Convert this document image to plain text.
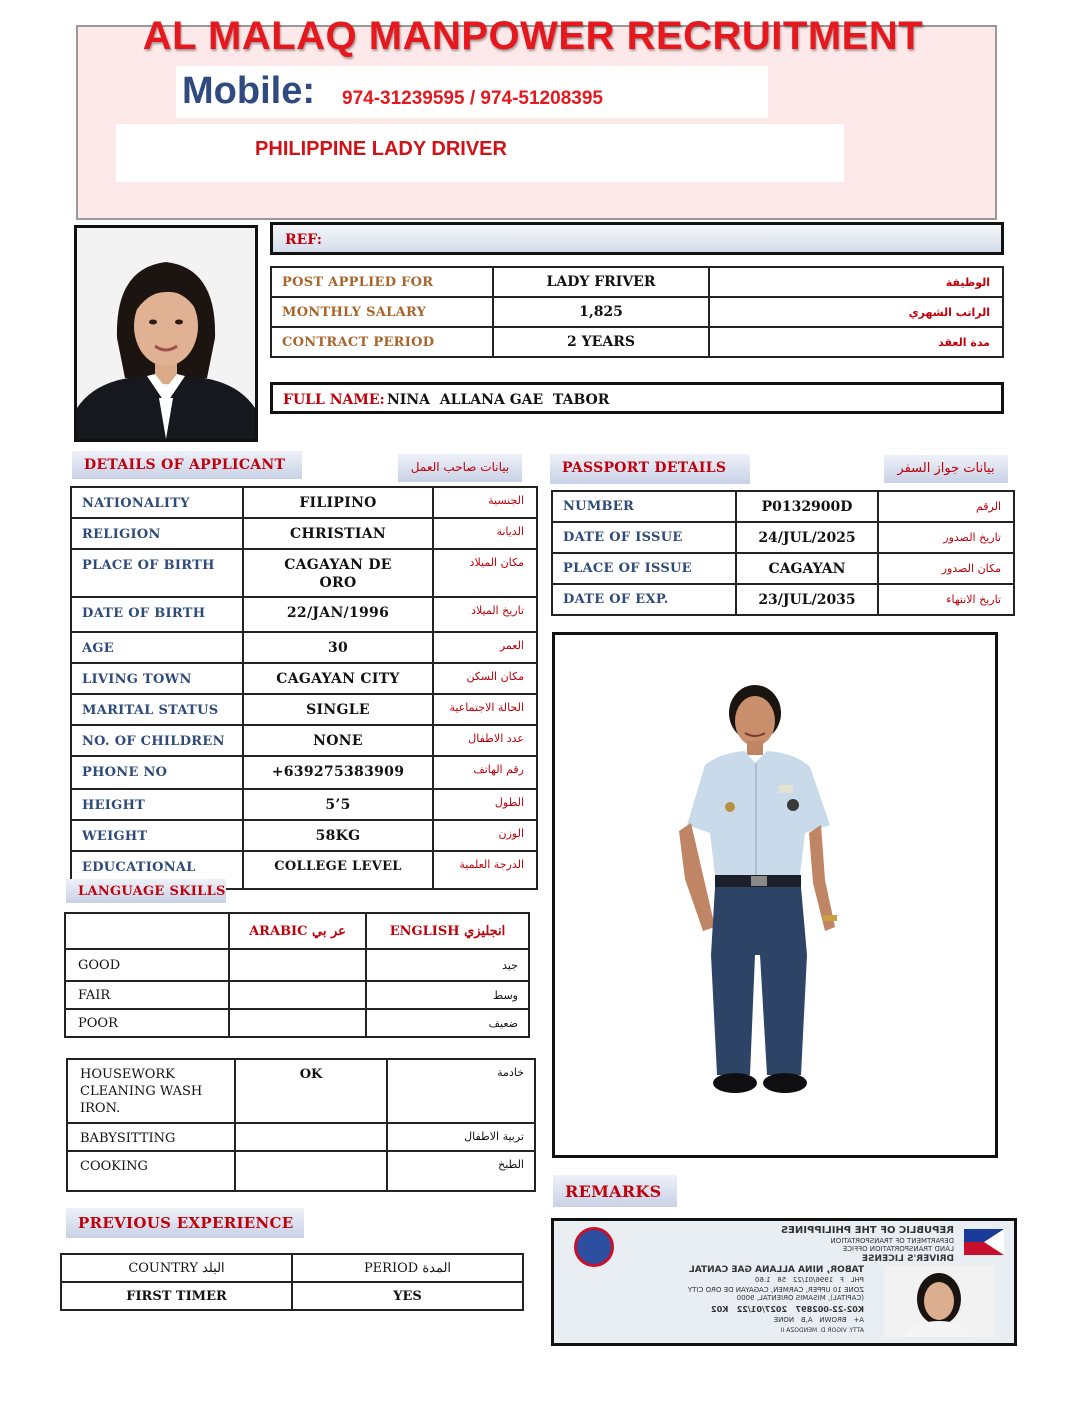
AL MALAQ MANPOWER RECRUITMENT
Mobile: 974-31239595 / 974-51208395
PHILIPPINE LADY DRIVER
REF:
POST APPLIED FOR	LADY FRIVER	الوظيفة
MONTHLY SALARY	1,825	الراتب الشهري
CONTRACT PERIOD	2 YEARS	مدة العقد
FULL NAME: NINA  ALLANA GAE  TABOR
DETAILS OF APPLICANT	بيانات صاحب العمل
NATIONALITY	FILIPINO	الجنسية
RELIGION	CHRISTIAN	الديانة
PLACE OF BIRTH	CAGAYAN DE ORO	مكان الميلاد
DATE OF BIRTH	22/JAN/1996	تاريخ الميلاد
AGE	30	العمر
LIVING TOWN	CAGAYAN CITY	مكان السكن
MARITAL STATUS	SINGLE	الحالة الاجتماعية
NO. OF CHILDREN	NONE	عدد الاطفال
PHONE NO	+639275383909	رقم الهاتف
HEIGHT	5’5	الطول
WEIGHT	58KG	الوزن
EDUCATIONAL	COLLEGE LEVEL	الدرجة العلمية
LANGUAGE SKILLS
	ARABIC عر بي	ENGLISH انجليزي
GOOD		جيد
FAIR		وسط
POOR		ضعيف
HOUSEWORK CLEANING WASH IRON.	OK	خادمة
BABYSITTING		تربية الاطفال
COOKING		الطبخ
PREVIOUS EXPERIENCE
COUNTRY البلد	PERIOD المدة
FIRST TIMER	YES
PASSPORT DETAILS	بيانات جواز السفر
NUMBER	P0132900D	الرقم
DATE OF ISSUE	24/JUL/2025	تاريخ الصدور
PLACE OF ISSUE	CAGAYAN	مكان الصدور
DATE OF EXP.	23/JUL/2035	تاريخ الانتهاء
REMARKS
REPUBLIC OF THE PHILIPPINES
DEPARTMENT OF TRANSPORTATION
LAND TRANSPORTATION OFFICE
DRIVER'S LICENSE
TABOR, NINA ALLANA GAE CANTAL
PHL   F   1996/01/22   58   1.60
ZONE 10 UPPER, CARMEN, CAGAYAN DE ORO CITY (CAPITAL), MISAMIS ORIENTAL, 9000
K02-22-002897   2027/01/22   K02
A+   BROWN   A,B   NONE
ATTY. VIGOR D. MENDOZA II
